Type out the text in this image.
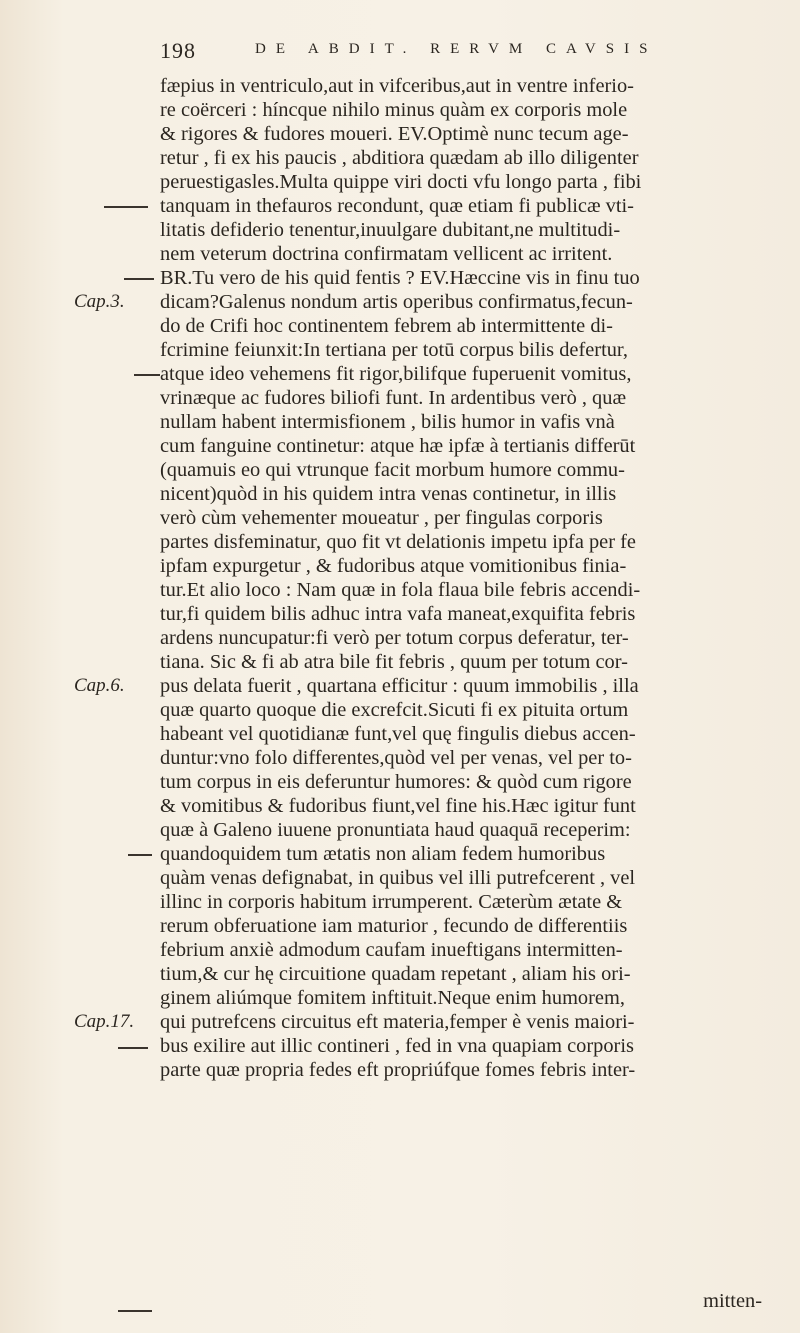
198	DE ABDIT. RERVM CAVSIS
Cap.3.
Cap.6.
Cap.17.
fæpius in ventriculo,aut in vifceribus,aut in ventre inferio-
re coërceri : híncque nihilo minus quàm ex corporis mole
& rigores & fudores moueri. EV.Optimè nunc tecum age-
retur , fi ex his paucis , abditiora quædam ab illo diligenter
peruestigasles.Multa quippe viri docti vfu longo parta , fibi
tanquam in thefauros recondunt, quæ etiam fi publicæ vti-
litatis defiderio tenentur,inuulgare dubitant,ne multitudi-
nem veterum doctrina confirmatam vellicent ac irritent.
BR.Tu vero de his quid fentis ? EV.Hæccine vis in finu tuo
dicam?Galenus nondum artis operibus confirmatus,fecun-
do de Crifi hoc continentem febrem ab intermittente di-
fcrimine feiunxit:In tertiana per totū corpus bilis defertur,
atque ideo vehemens fit rigor,bilifque fuperuenit vomitus,
vrinæque ac fudores biliofi funt. In ardentibus verò , quæ
nullam habent intermisfionem , bilis humor in vafis vnà
cum fanguine continetur: atque hæ ipfæ à tertianis differūt
(quamuis eo qui vtrunque facit morbum humore commu-
nicent)quòd in his quidem intra venas continetur, in illis
verò cùm vehementer moueatur , per fingulas corporis
partes disfeminatur, quo fit vt delationis impetu ipfa per fe
ipfam expurgetur , & fudoribus atque vomitionibus finia-
tur.Et alio loco : Nam quæ in fola flaua bile febris accendi-
tur,fi quidem bilis adhuc intra vafa maneat,exquifita febris
ardens nuncupatur:fi verò per totum corpus deferatur, ter-
tiana. Sic & fi ab atra bile fit febris , quum per totum cor-
pus delata fuerit , quartana efficitur : quum immobilis , illa
quæ quarto quoque die excrefcit.Sicuti fi ex pituita ortum
habeant vel quotidianæ funt,vel quę fingulis diebus accen-
duntur:vno folo differentes,quòd vel per venas, vel per to-
tum corpus in eis deferuntur humores: & quòd cum rigore
& vomitibus & fudoribus fiunt,vel fine his.Hæc igitur funt
quæ à Galeno iuuene pronuntiata haud quaquā receperim:
quandoquidem tum ætatis non aliam fedem humoribus
quàm venas defignabat, in quibus vel illi putrefcerent , vel
illinc in corporis habitum irrumperent. Cæterùm ætate &
rerum obferuatione iam maturior , fecundo de differentiis
febrium anxiè admodum caufam inueftigans intermitten-
tium,& cur hę circuitione quadam repetant , aliam his ori-
ginem aliúmque fomitem inftituit.Neque enim humorem,
qui putrefcens circuitus eft materia,femper è venis maiori-
bus exilire aut illic contineri , fed in vna quapiam corporis
parte quæ propria fedes eft propriúfque fomes febris inter-
mitten-
